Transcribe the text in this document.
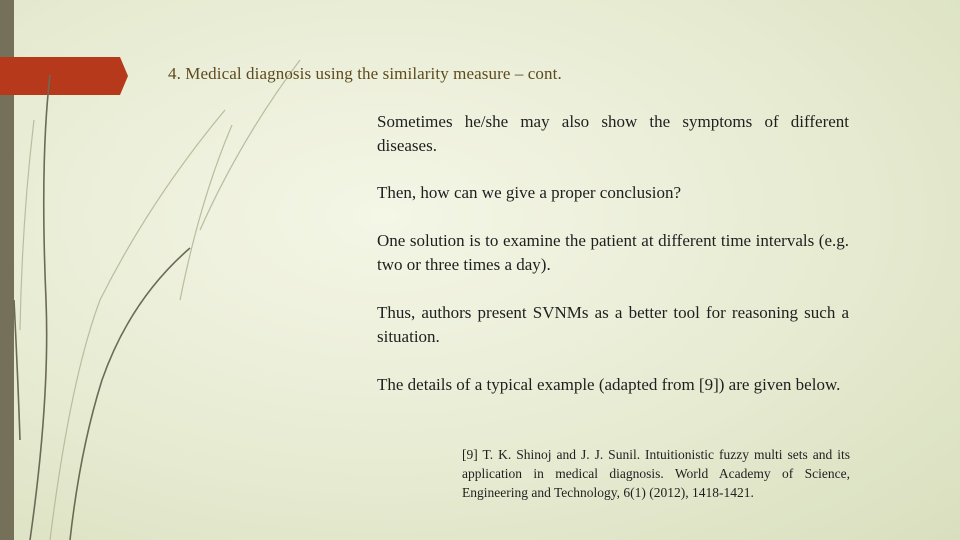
4. Medical diagnosis using the similarity measure – cont.
Sometimes he/she may also show the symptoms of different diseases.
Then, how can we give a proper conclusion?
One solution is to examine the patient at different time intervals (e.g. two or three times a day).
Thus, authors present SVNMs as a better tool for reasoning such a situation.
The details of a typical example (adapted from [9]) are given below.
[9] T. K. Shinoj and J. J. Sunil. Intuitionistic fuzzy multi sets and its application in medical diagnosis. World Academy of Science, Engineering and Technology, 6(1) (2012), 1418-1421.
